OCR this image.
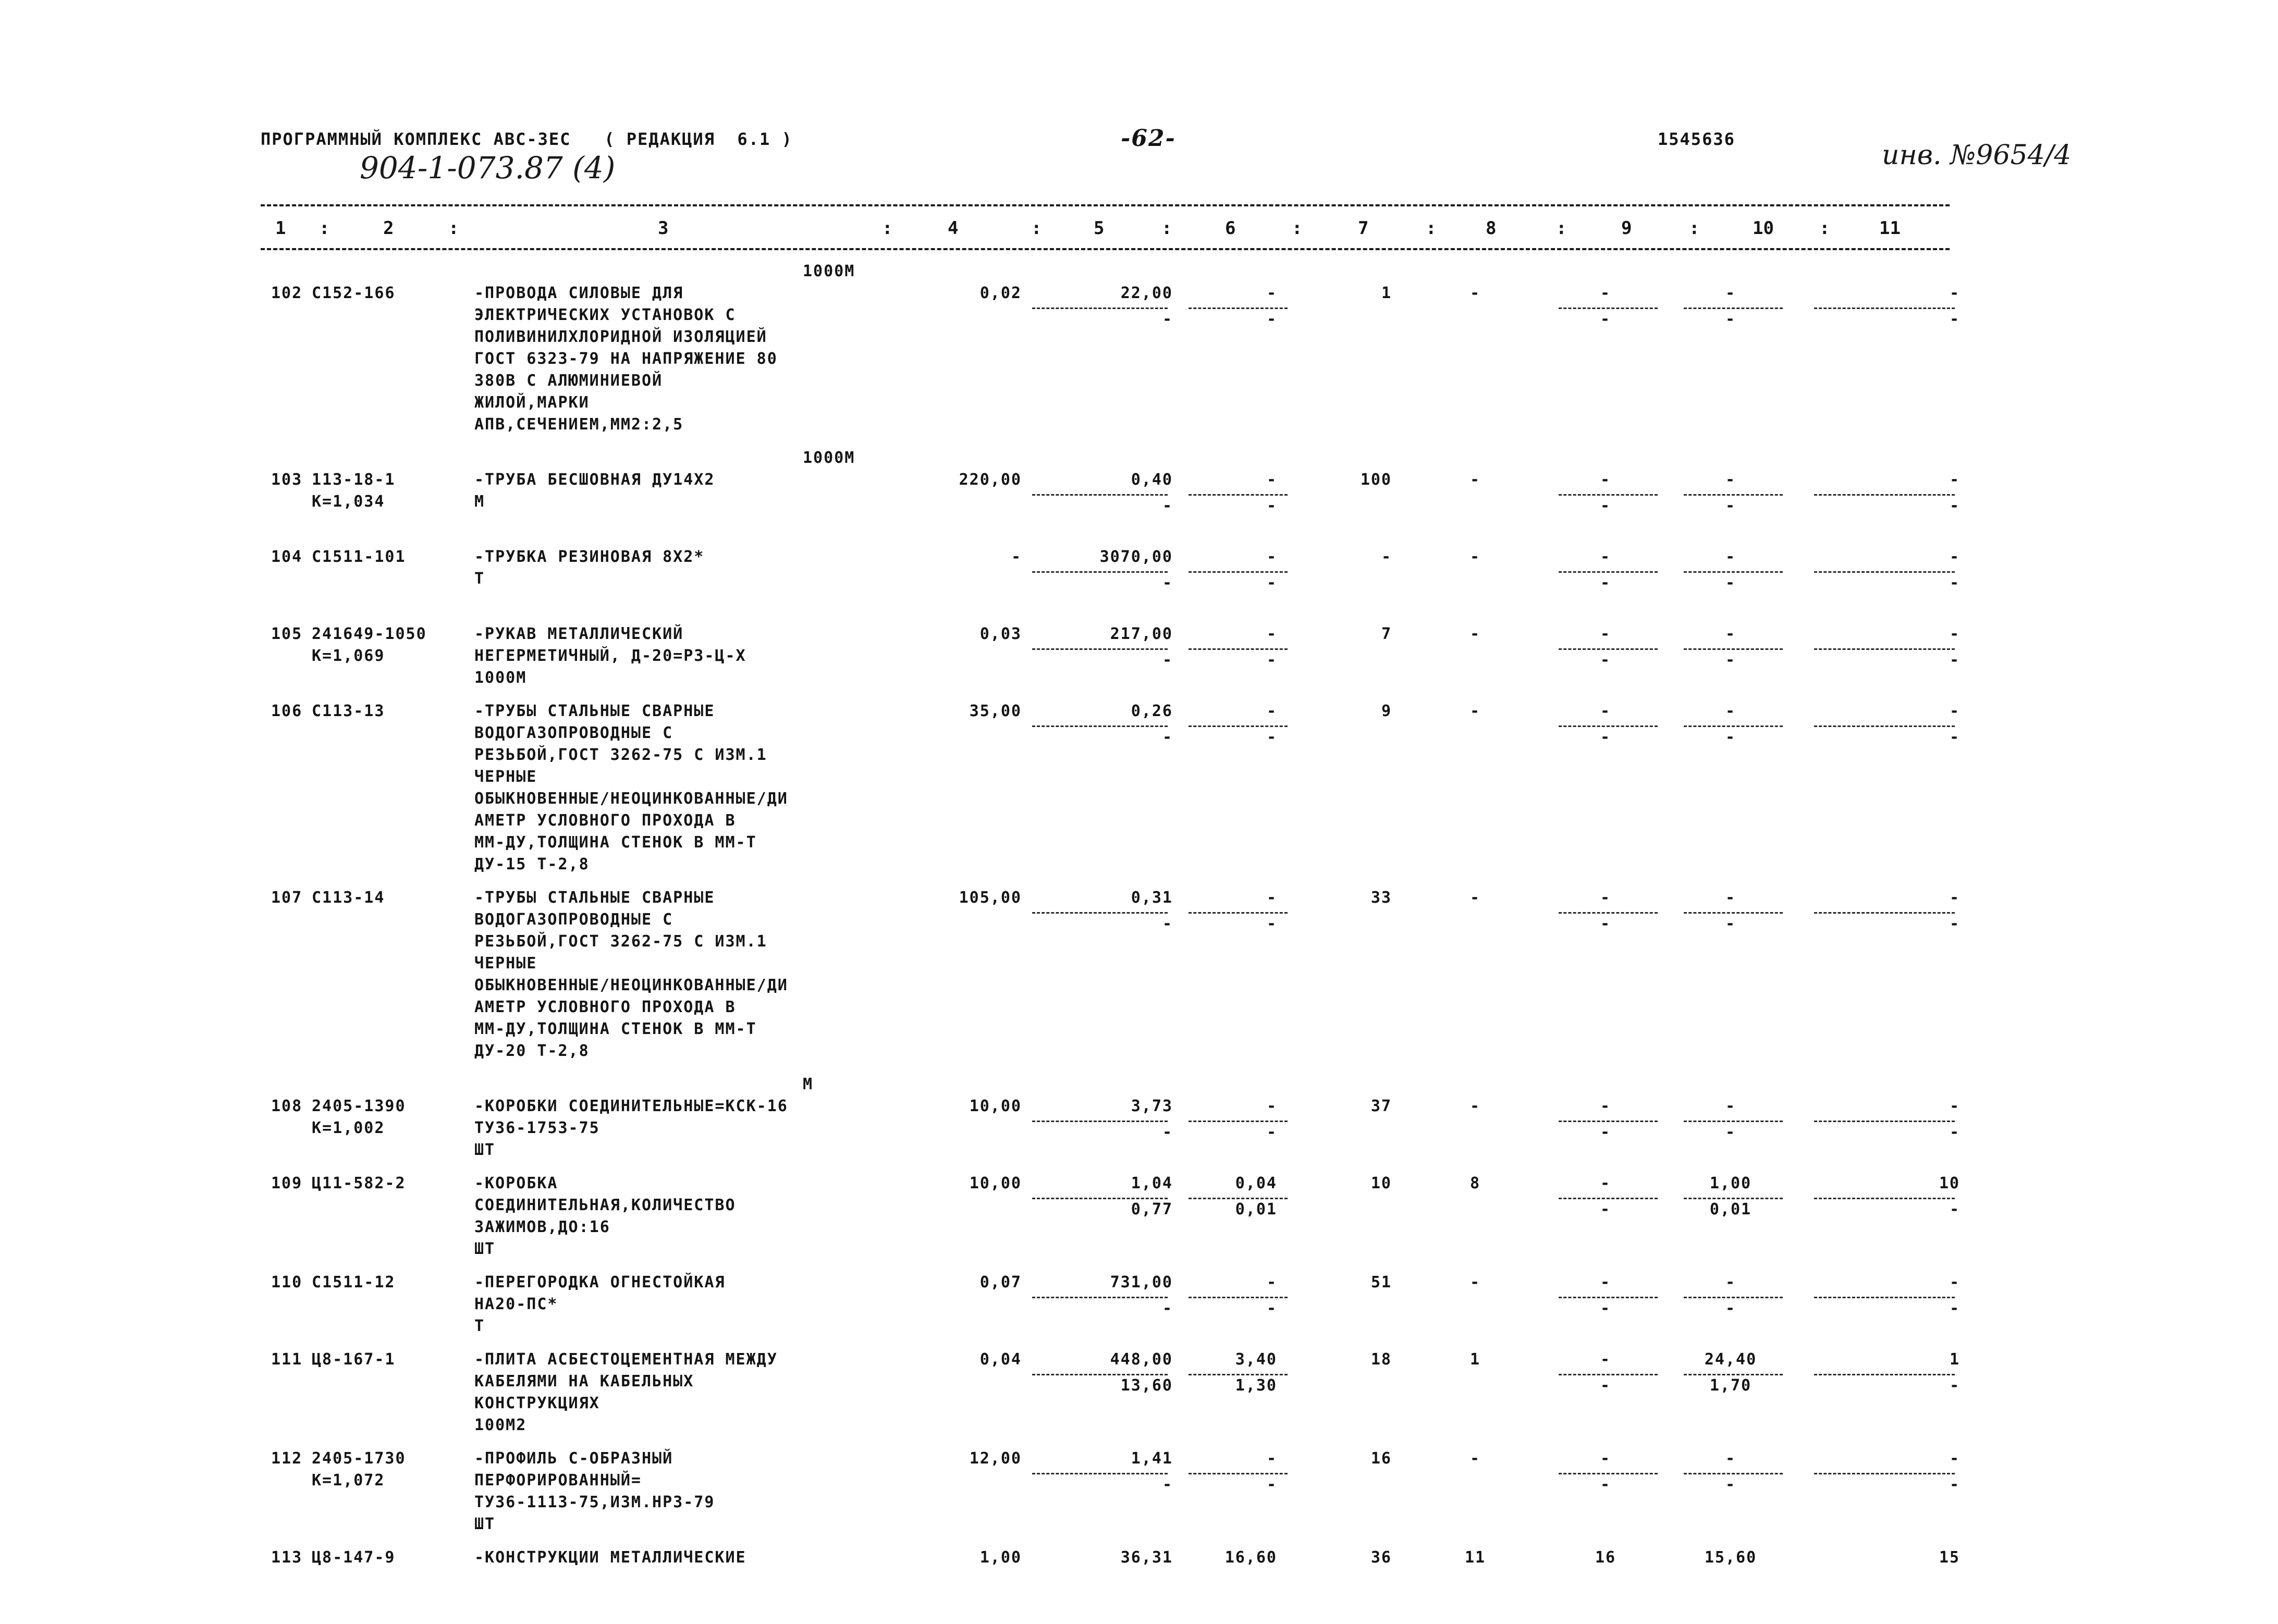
ПРОГРАММНЫЙ КОМПЛЕКС АВС-ЗЕС   ( РЕДАКЦИЯ  6.1 )	-62-	1545636
904-1-073.87 (4)	инв. №9654/4
1 :	2	:	3	:	4	:	5	:	6	:	7	:	8	:	9	:	10	:	11
1000М
102 С152-166	-ПРОВОДА СИЛОВЫЕ ДЛЯ
ЭЛЕКТРИЧЕСКИХ УСТАНОВОК С
ПОЛИВИНИЛХЛОРИДНОЙ ИЗОЛЯЦИЕЙ
ГОСТ 6323-79 НА НАПРЯЖЕНИЕ 80
380В С АЛЮМИНИЕВОЙ
ЖИЛОЙ,МАРКИ
АПВ,СЕЧЕНИЕМ,ММ2:2,5
0,02	22,00	-	1	-	-	-	-
-	-	-	-	-
1000М
103 113-18-1
К=1,034
-ТРУБА БЕСШОВНАЯ ДУ14Х2
М
220,00	0,40	-	100	-	-	-	-
-	-	-	-	-
104 С1511-101	-ТРУБКА РЕЗИНОВАЯ 8Х2*
Т
-	3070,00	-	-	-	-	-	-
-	-	-	-	-
105 241649-1050
К=1,069
-РУКАВ МЕТАЛЛИЧЕСКИЙ
НЕГЕРМЕТИЧНЫЙ, Д-20=Р3-Ц-Х
1000М
0,03	217,00	-	7	-	-	-	-
-	-	-	-	-
106 С113-13	-ТРУБЫ СТАЛЬНЫЕ СВАРНЫЕ
ВОДОГАЗОПРОВОДНЫЕ С
РЕЗЬБОЙ,ГОСТ 3262-75 С ИЗМ.1
ЧЕРНЫЕ
ОБЫКНОВЕННЫЕ/НЕОЦИНКОВАННЫЕ/ДИ
АМЕТР УСЛОВНОГО ПРОХОДА В
ММ-ДУ,ТОЛЩИНА СТЕНОК В ММ-Т
ДУ-15 Т-2,8
35,00	0,26	-	9	-	-	-	-
-	-	-	-	-
107 С113-14	-ТРУБЫ СТАЛЬНЫЕ СВАРНЫЕ
ВОДОГАЗОПРОВОДНЫЕ С
РЕЗЬБОЙ,ГОСТ 3262-75 С ИЗМ.1
ЧЕРНЫЕ
ОБЫКНОВЕННЫЕ/НЕОЦИНКОВАННЫЕ/ДИ
АМЕТР УСЛОВНОГО ПРОХОДА В
ММ-ДУ,ТОЛЩИНА СТЕНОК В ММ-Т
ДУ-20 Т-2,8
105,00	0,31	-	33	-	-	-	-
-	-	-	-	-
М
108 2405-1390
К=1,002
-КОРОБКИ СОЕДИНИТЕЛЬНЫЕ=КСК-16
ТУ36-1753-75
ШТ
10,00	3,73	-	37	-	-	-	-
-	-	-	-	-
109 Ц11-582-2	-КОРОБКА
СОЕДИНИТЕЛЬНАЯ,КОЛИЧЕСТВО
ЗАЖИМОВ,ДО:16
ШТ
10,00	1,04	0,04	10	8	-	1,00	10
0,77	0,01	-	0,01	-
110 С1511-12	-ПЕРЕГОРОДКА ОГНЕСТОЙКАЯ
НА20-ПС*
Т
0,07	731,00	-	51	-	-	-	-
-	-	-	-	-
111 Ц8-167-1	-ПЛИТА АСБЕСТОЦЕМЕНТНАЯ МЕЖДУ
КАБЕЛЯМИ НА КАБЕЛЬНЫХ
КОНСТРУКЦИЯХ
100М2
0,04	448,00	3,40	18	1	-	24,40	1
13,60	1,30	-	1,70	-
112 2405-1730
К=1,072
-ПРОФИЛЬ С-ОБРАЗНЫЙ
ПЕРФОРИРОВАННЫЙ=
ТУ36-1113-75,ИЗМ.НР3-79
ШТ
12,00	1,41	-	16	-	-	-	-
-	-	-	-	-
113 Ц8-147-9	-КОНСТРУКЦИИ МЕТАЛЛИЧЕСКИЕ	1,00	36,31	16,60	36	11	16	15,60	15
